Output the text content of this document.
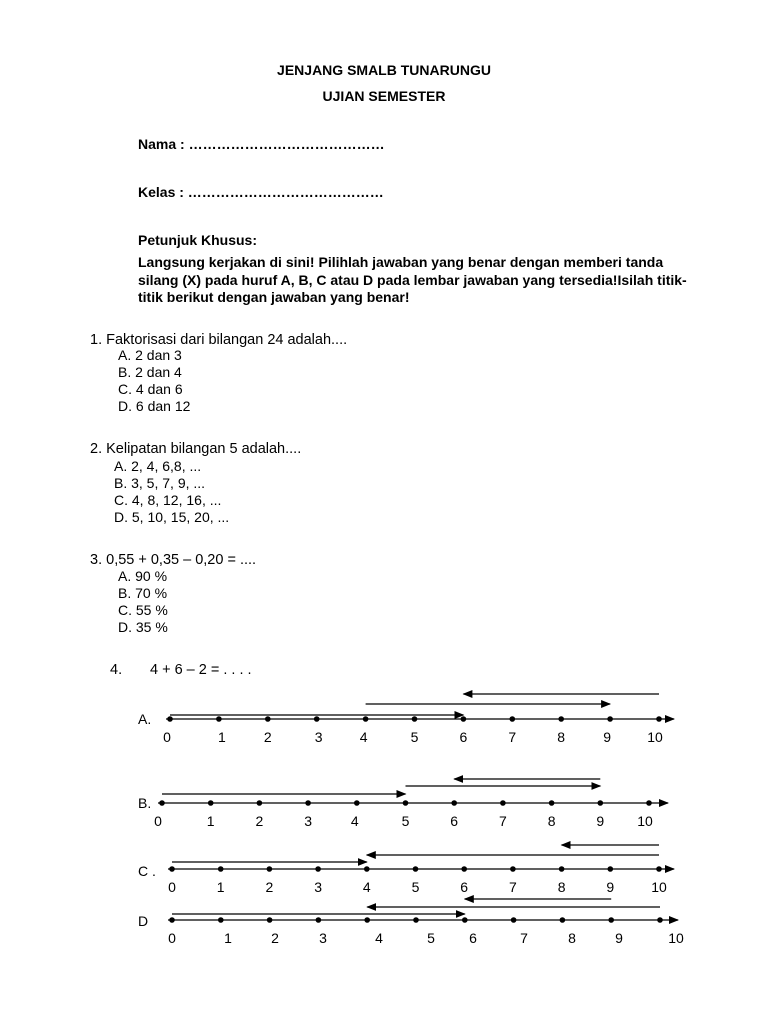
JENJANG SMALB TUNARUNGU
UJIAN SEMESTER
Nama : ……………………………………
Kelas : ……………………………………
Petunjuk Khusus:
Langsung kerjakan di sini! Pilihlah jawaban yang benar dengan memberi tanda silang (X) pada huruf A, B, C atau D pada lembar jawaban yang tersedia!Isilah titik-titik berikut dengan jawaban yang benar!
1. Faktorisasi dari bilangan 24 adalah....
A. 2 dan 3
B. 2 dan 4
C. 4 dan 6
D. 6 dan 12
2. Kelipatan bilangan 5 adalah....
A. 2, 4, 6,8, ...
B. 3, 5, 7, 9, ...
C. 4, 8, 12, 16, ...
D. 5, 10, 15, 20, ...
3. 0,55 + 0,35 – 0,20 = ....
A. 90 %
B. 70 %
C. 55 %
D. 35 %
4. 4 + 6 – 2 = . . . .
A.
0	1	2	3	4	5	6	7	8	9	10
B.
0	1	2	3	4	5	6	7	8	9 10
C .
0	1	2	3	4	5	6	7	8	9	10
D
0	1	2	3	4	5 6	7	8	9	10
